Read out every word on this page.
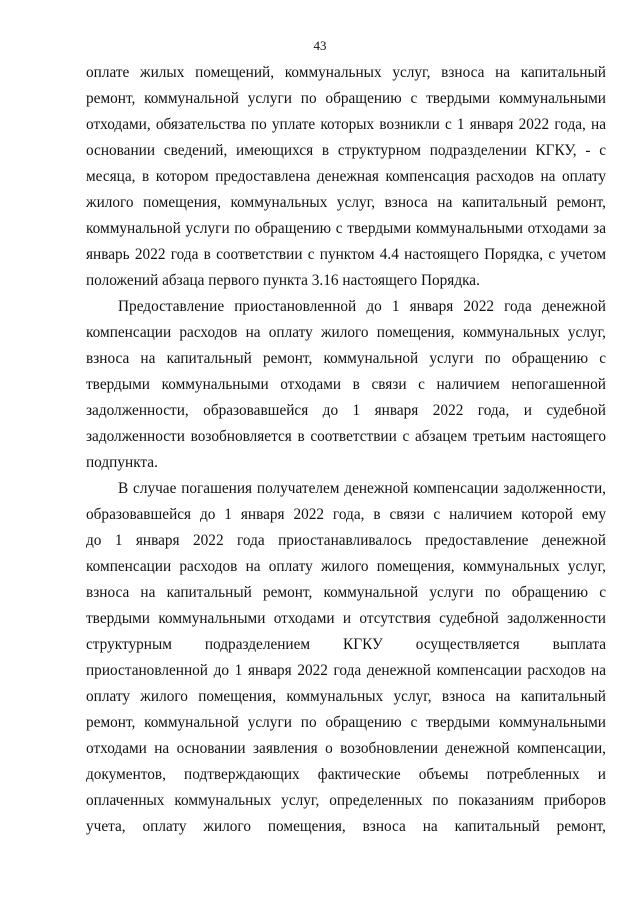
43

оплате жилых помещений, коммунальных услуг, взноса на капитальный
ремонт, коммунальной услуги по обращению с твердыми коммунальными
отходами, обязательства по уплате которых возникли с 1 января 2022 года, на
основании сведений, имеющихся в структурном подразделении КГКУ, - с
месяца, в котором предоставлена денежная компенсация расходов на оплату
жилого помещения, коммунальных услуг, взноса на капитальный ремонт,
коммунальной услуги по обращению с твердыми коммунальными отходами за
январь 2022 года в соответствии с пунктом 4.4 настоящего Порядка, с учетом
положений абзаца первого пункта 3.16 настоящего Порядка.

Предоставление приостановленной до 1 января 2022 года денежной
компенсации расходов на оплату жилого помещения, коммунальных услуг,
взноса на капитальный ремонт, коммунальной услуги по обращению с
твердыми коммунальными отходами в связи с наличием непогашенной
задолженности, образовавшейся до 1 января 2022 года, и судебной
задолженности возобновляется в соответствии с абзацем третьим настоящего
подпункта.

В случае погашения получателем денежной компенсации задолженности,
образовавшейся до 1 января 2022 года, в связи с наличием которой ему
до 1 января 2022 года приостанавливалось предоставление денежной
компенсации расходов на оплату жилого помещения, коммунальных услуг,
взноса на капитальный ремонт, коммунальной услуги по обращению с
твердыми коммунальными отходами и отсутствия судебной задолженности
структурным подразделением КГКУ осуществляется выплата
приостановленной до 1 января 2022 года денежной компенсации расходов на
оплату жилого помещения, коммунальных услуг, взноса на капитальный
ремонт, коммунальной услуги по обращению с твердыми коммунальными
отходами на основании заявления о возобновлении денежной компенсации,
документов, подтверждающих фактические объемы потребленных и
оплаченных коммунальных услуг, определенных по показаниям приборов
учета, оплату жилого помещения, взноса на капитальный ремонт,
